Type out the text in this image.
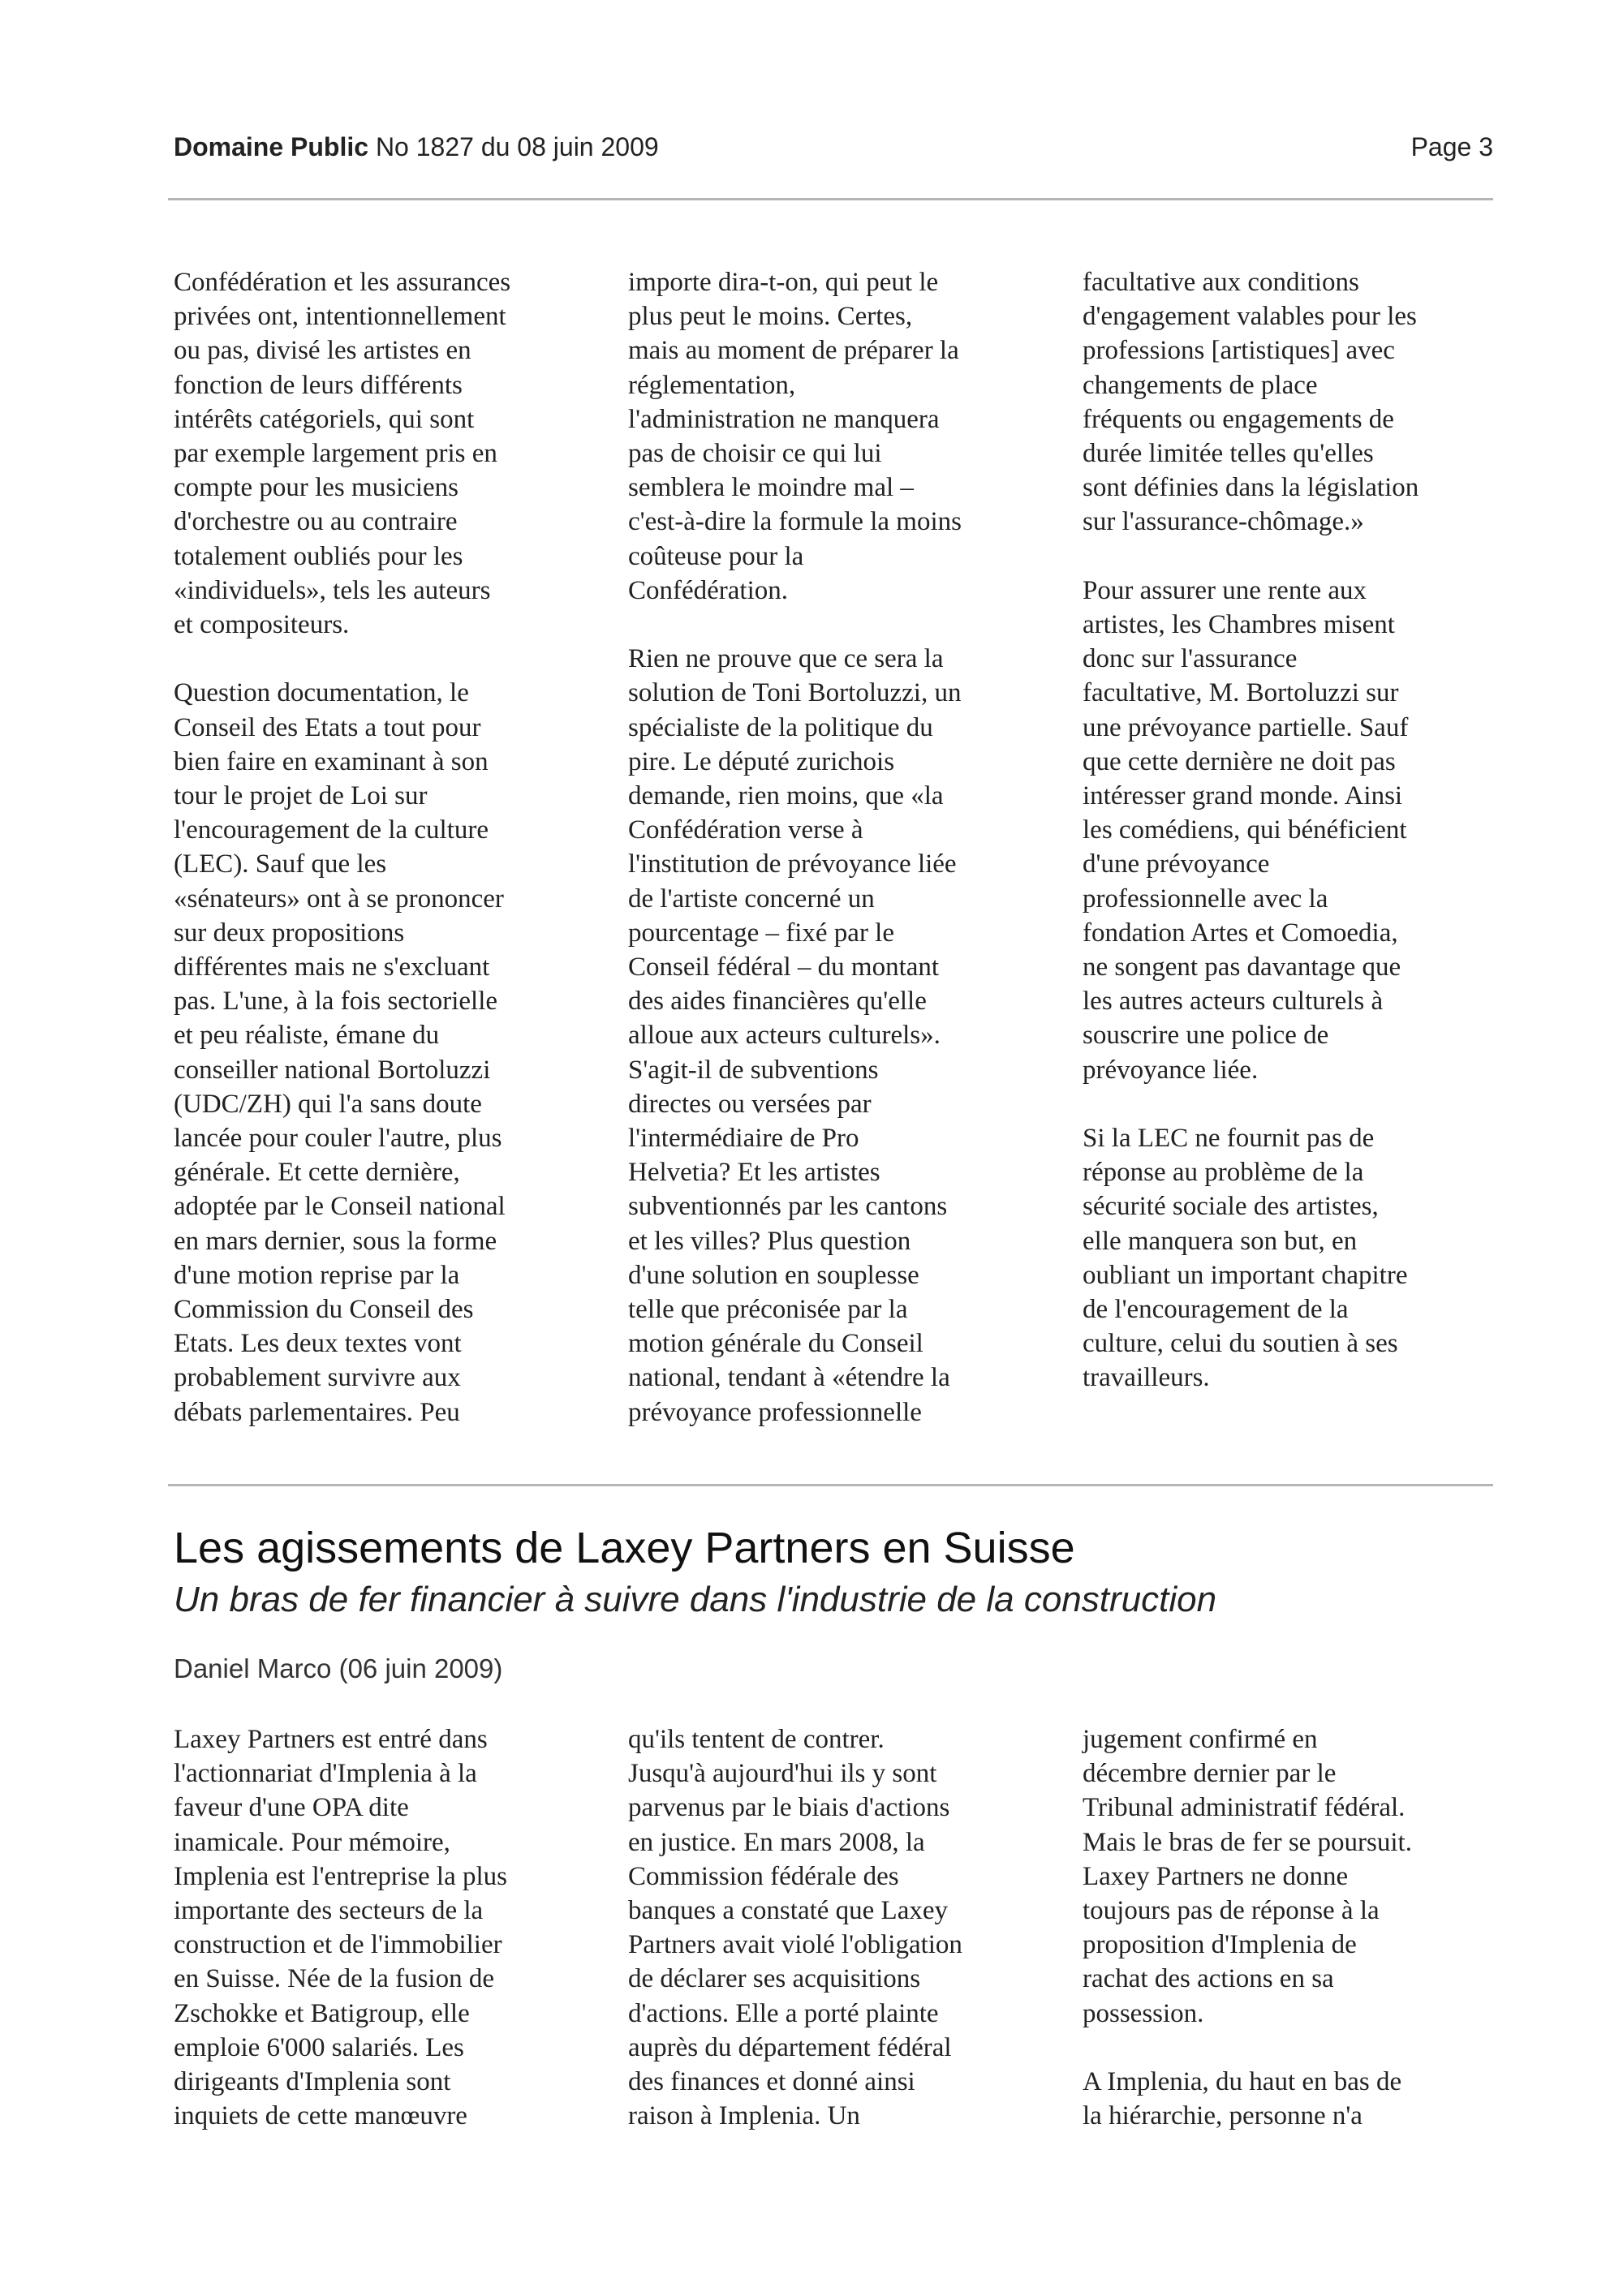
Domaine Public No 1827 du 08 juin 2009	Page 3

Confédération et les assurances
privées ont, intentionnellement
ou pas, divisé les artistes en
fonction de leurs différents
intérêts catégoriels, qui sont
par exemple largement pris en
compte pour les musiciens
d'orchestre ou au contraire
totalement oubliés pour les
«individuels», tels les auteurs
et compositeurs.

Question documentation, le
Conseil des Etats a tout pour
bien faire en examinant à son
tour le projet de Loi sur
l'encouragement de la culture
(LEC). Sauf que les
«sénateurs» ont à se prononcer
sur deux propositions
différentes mais ne s'excluant
pas. L'une, à la fois sectorielle
et peu réaliste, émane du
conseiller national Bortoluzzi
(UDC/ZH) qui l'a sans doute
lancée pour couler l'autre, plus
générale. Et cette dernière,
adoptée par le Conseil national
en mars dernier, sous la forme
d'une motion reprise par la
Commission du Conseil des
Etats. Les deux textes vont
probablement survivre aux
débats parlementaires. Peu

importe dira-t-on, qui peut le
plus peut le moins. Certes,
mais au moment de préparer la
réglementation,
l'administration ne manquera
pas de choisir ce qui lui
semblera le moindre mal –
c'est-à-dire la formule la moins
coûteuse pour la
Confédération.

Rien ne prouve que ce sera la
solution de Toni Bortoluzzi, un
spécialiste de la politique du
pire. Le député zurichois
demande, rien moins, que «la
Confédération verse à
l'institution de prévoyance liée
de l'artiste concerné un
pourcentage – fixé par le
Conseil fédéral – du montant
des aides financières qu'elle
alloue aux acteurs culturels».
S'agit-il de subventions
directes ou versées par
l'intermédiaire de Pro
Helvetia? Et les artistes
subventionnés par les cantons
et les villes? Plus question
d'une solution en souplesse
telle que préconisée par la
motion générale du Conseil
national, tendant à «étendre la
prévoyance professionnelle

facultative aux conditions
d'engagement valables pour les
professions [artistiques] avec
changements de place
fréquents ou engagements de
durée limitée telles qu'elles
sont définies dans la législation
sur l'assurance-chômage.»

Pour assurer une rente aux
artistes, les Chambres misent
donc sur l'assurance
facultative, M. Bortoluzzi sur
une prévoyance partielle. Sauf
que cette dernière ne doit pas
intéresser grand monde. Ainsi
les comédiens, qui bénéficient
d'une prévoyance
professionnelle avec la
fondation Artes et Comoedia,
ne songent pas davantage que
les autres acteurs culturels à
souscrire une police de
prévoyance liée.

Si la LEC ne fournit pas de
réponse au problème de la
sécurité sociale des artistes,
elle manquera son but, en
oubliant un important chapitre
de l'encouragement de la
culture, celui du soutien à ses
travailleurs.

Les agissements de Laxey Partners en Suisse
Un bras de fer financier à suivre dans l'industrie de la construction
Daniel Marco (06 juin 2009)

Laxey Partners est entré dans
l'actionnariat d'Implenia à la
faveur d'une OPA dite
inamicale. Pour mémoire,
Implenia est l'entreprise la plus
importante des secteurs de la
construction et de l'immobilier
en Suisse. Née de la fusion de
Zschokke et Batigroup, elle
emploie 6'000 salariés. Les
dirigeants d'Implenia sont
inquiets de cette manœuvre

qu'ils tentent de contrer.
Jusqu'à aujourd'hui ils y sont
parvenus par le biais d'actions
en justice. En mars 2008, la
Commission fédérale des
banques a constaté que Laxey
Partners avait violé l'obligation
de déclarer ses acquisitions
d'actions. Elle a porté plainte
auprès du département fédéral
des finances et donné ainsi
raison à Implenia. Un

jugement confirmé en
décembre dernier par le
Tribunal administratif fédéral.
Mais le bras de fer se poursuit.
Laxey Partners ne donne
toujours pas de réponse à la
proposition d'Implenia de
rachat des actions en sa
possession.

A Implenia, du haut en bas de
la hiérarchie, personne n'a
